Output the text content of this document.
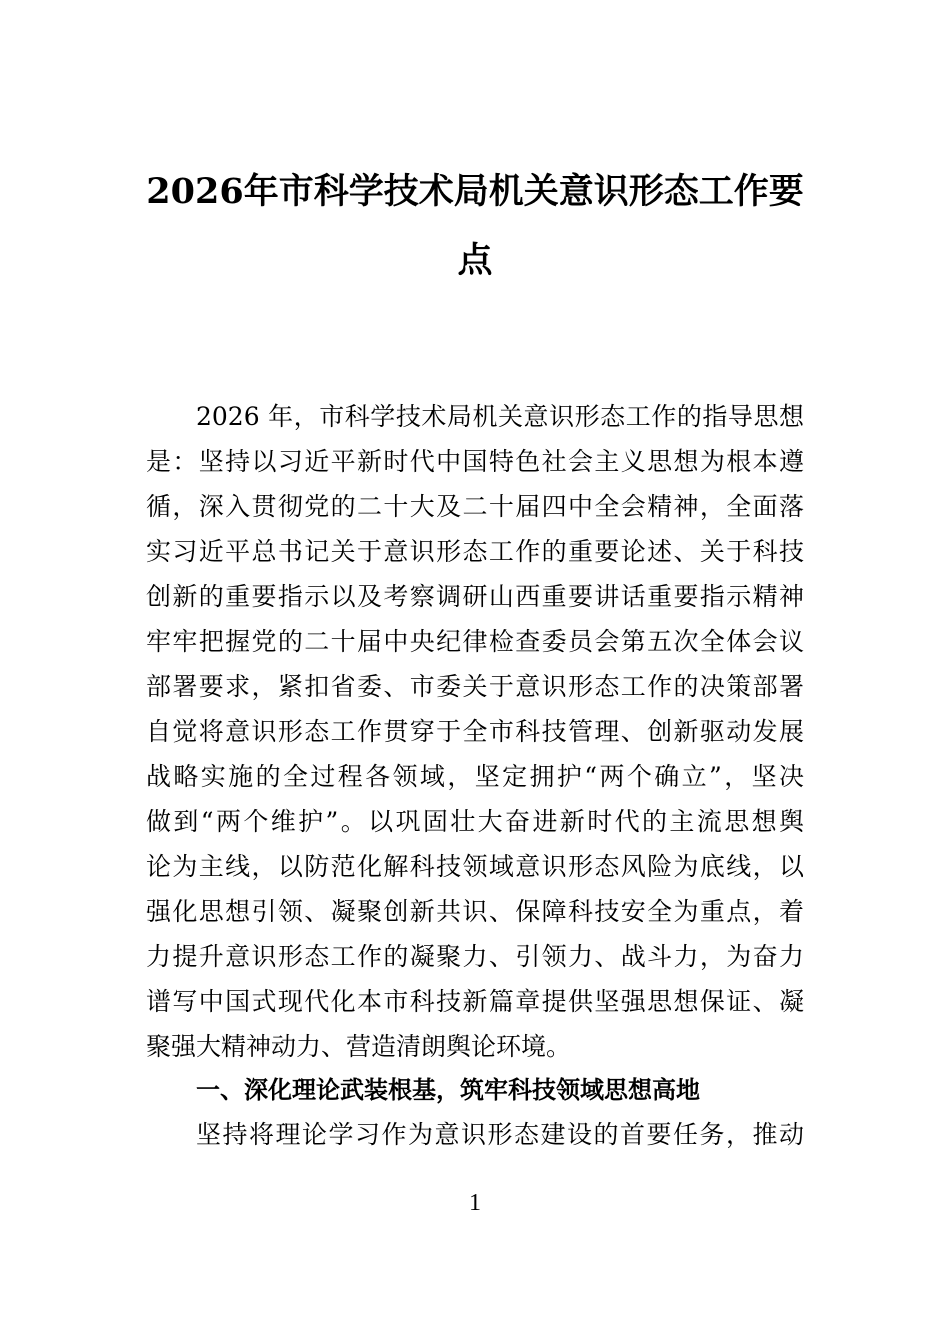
2026年市科学技术局机关意识形态工作要
点

2026 年，市科学技术局机关意识形态工作的指导思想

是：坚持以习近平新时代中国特色社会主义思想为根本遵

循，深入贯彻党的二十大及二十届四中全会精神，全面落

实习近平总书记关于意识形态工作的重要论述、关于科技

创新的重要指示以及考察调研山西重要讲话重要指示精神

牢牢把握党的二十届中央纪律检查委员会第五次全体会议

部署要求，紧扣省委、市委关于意识形态工作的决策部署

自觉将意识形态工作贯穿于全市科技管理、创新驱动发展

战略实施的全过程各领域，坚定拥护“两个确立”，坚决

做到“两个维护”。以巩固壮大奋进新时代的主流思想舆

论为主线，以防范化解科技领域意识形态风险为底线，以

强化思想引领、凝聚创新共识、保障科技安全为重点，着

力提升意识形态工作的凝聚力、引领力、战斗力，为奋力

谱写中国式现代化本市科技新篇章提供坚强思想保证、凝

聚强大精神动力、营造清朗舆论环境。

一、深化理论武装根基，筑牢科技领域思想高地

坚持将理论学习作为意识形态建设的首要任务，推动

1
